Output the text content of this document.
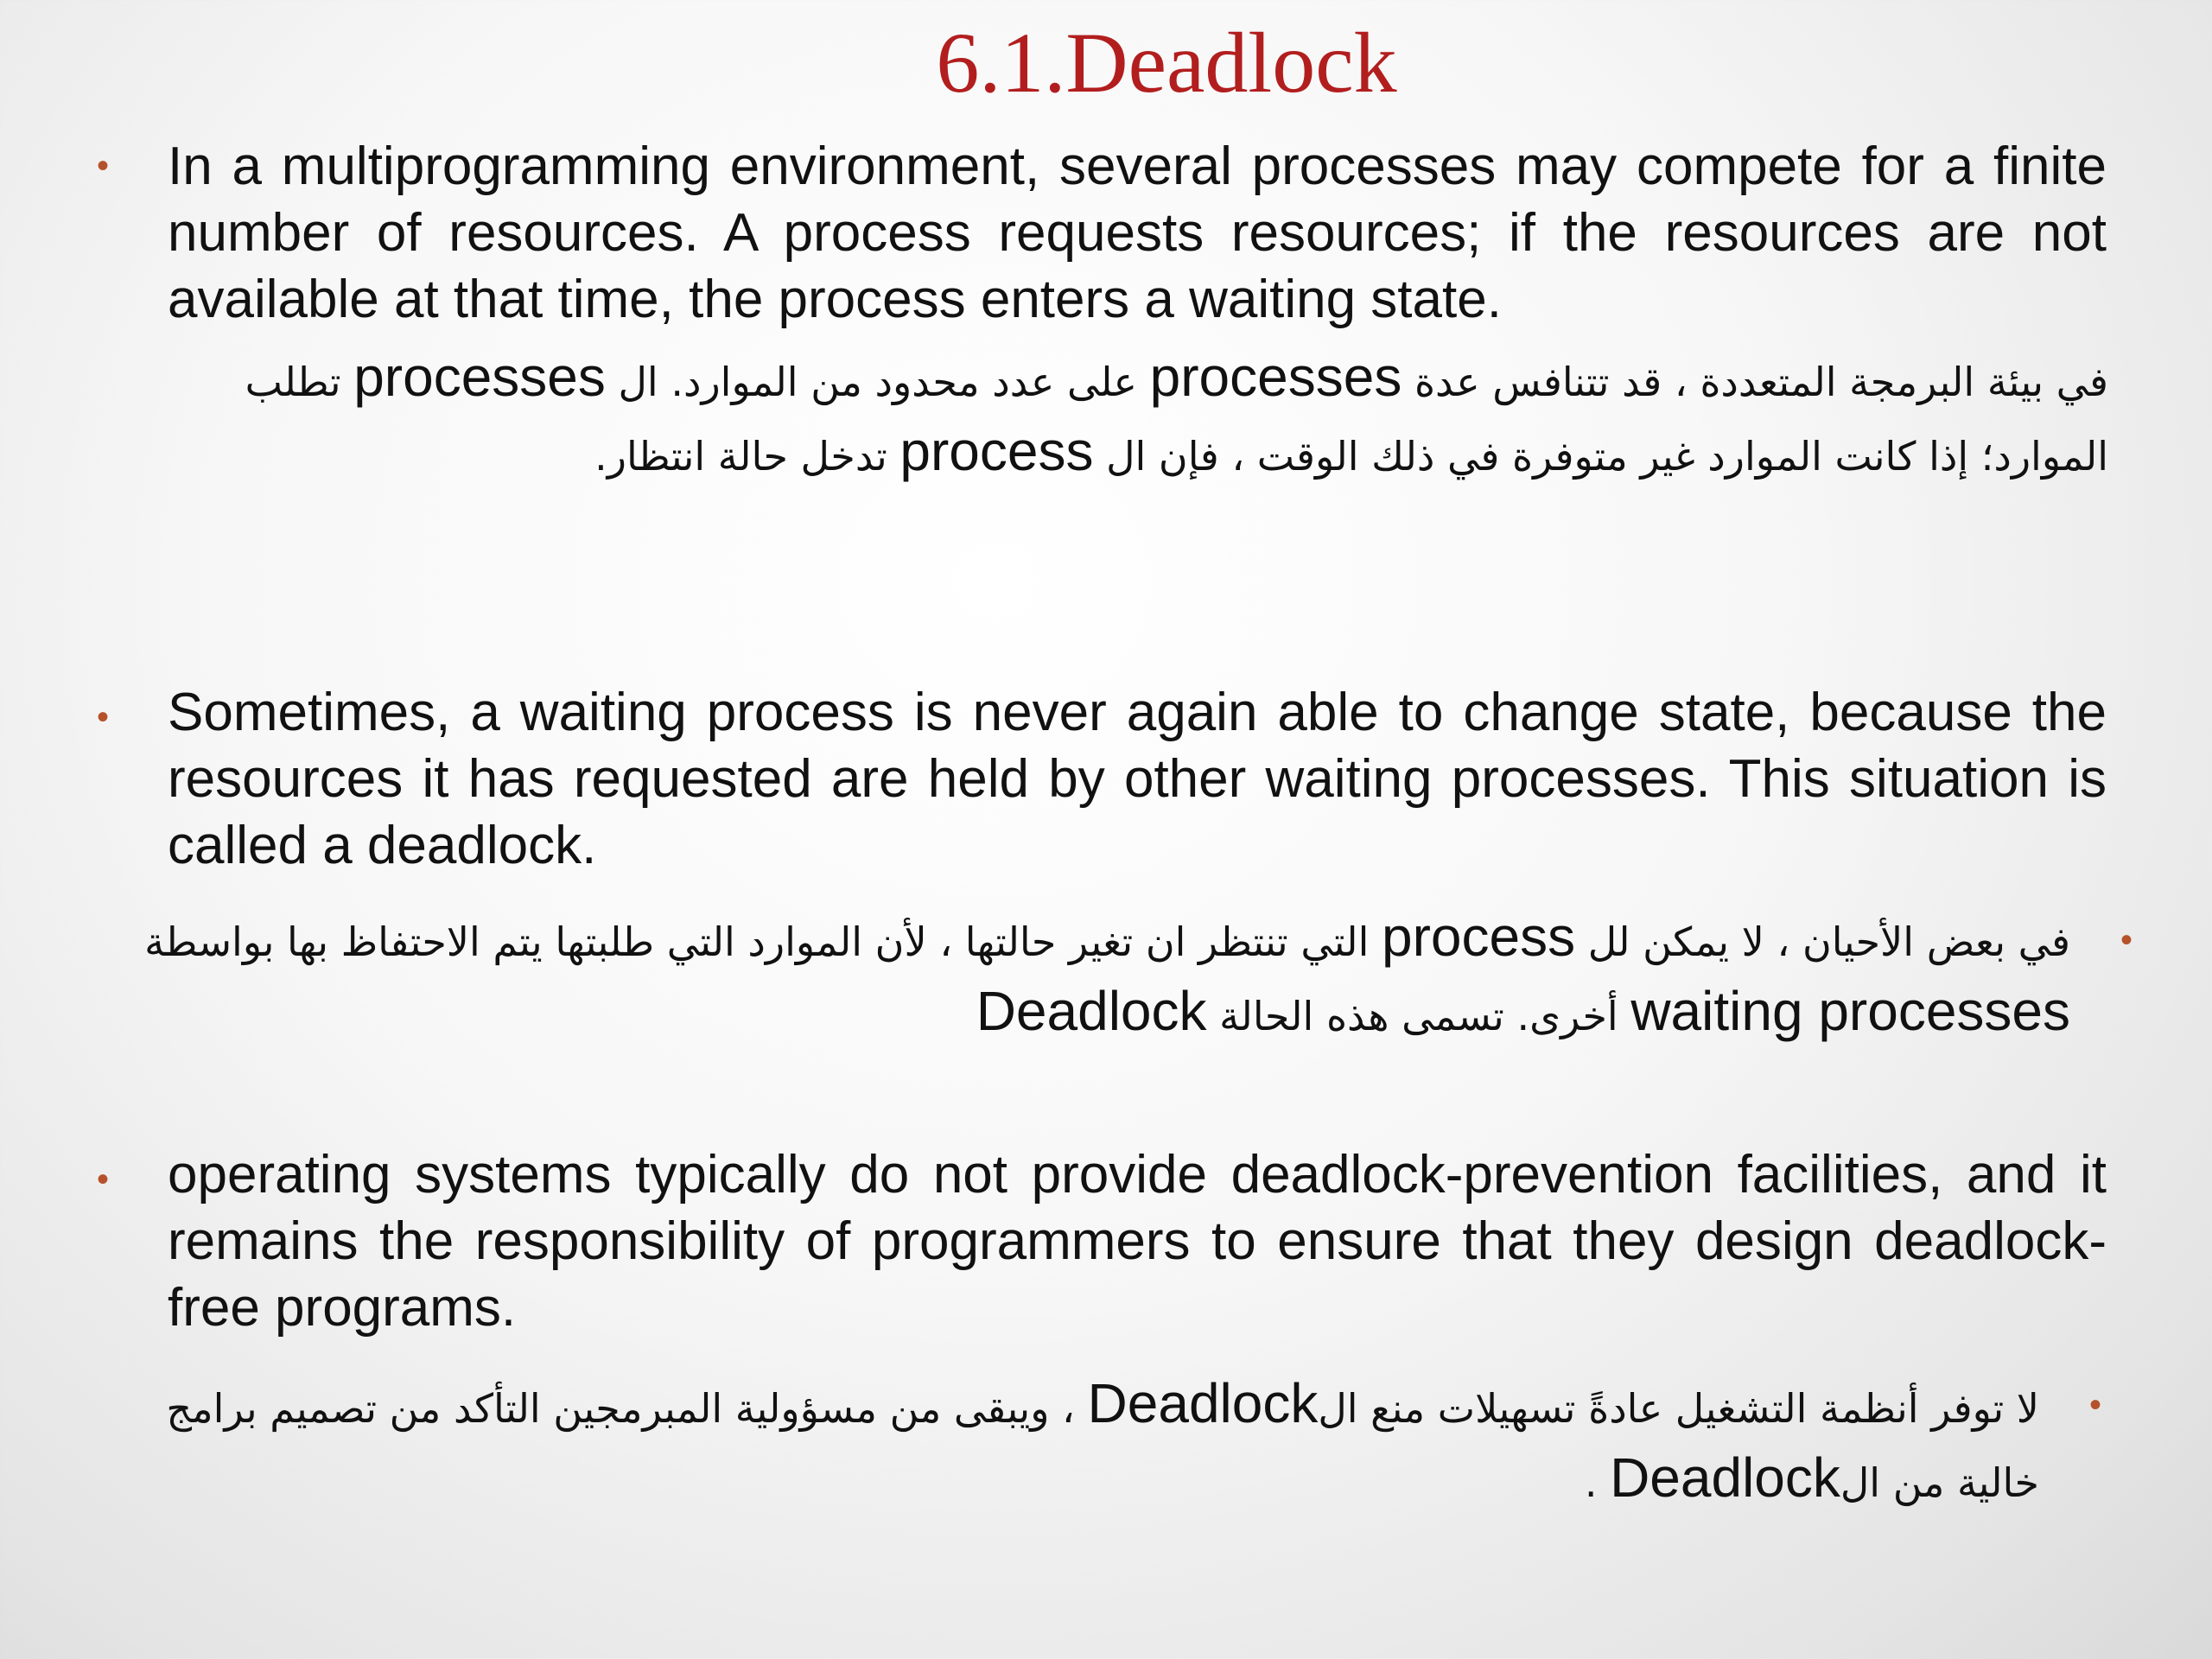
6.1.Deadlock
• In a multiprogramming environment, several processes may compete for a finite number of resources. A process requests resources; if the resources are not available at that time, the process enters a waiting state.

في بيئة البرمجة المتعددة ، قد تتنافس عدة processes على عدد محدود من الموارد. ال processes تطلب الموارد؛ إذا كانت الموارد غير متوفرة في ذلك الوقت ، فإن ال process تدخل حالة انتظار.

• Sometimes, a waiting process is never again able to change state, because the resources it has requested are held by other waiting processes. This situation is called a deadlock.

•

في بعض الأحيان ، لا يمكن لل process التي تنتظر ان تغير حالتها ، لأن الموارد التي طلبتها يتم الاحتفاظ بها بواسطة waiting processes أخرى. تسمى هذه الحالة Deadlock

• operating systems typically do not provide deadlock-prevention facilities, and it remains the responsibility of programmers to ensure that they design deadlock-free programs.

•

لا توفر أنظمة التشغيل عادةً تسهيلات منع الDeadlock ، ويبقى من مسؤولية المبرمجين التأكد من تصميم برامج خالية من الDeadlock .
